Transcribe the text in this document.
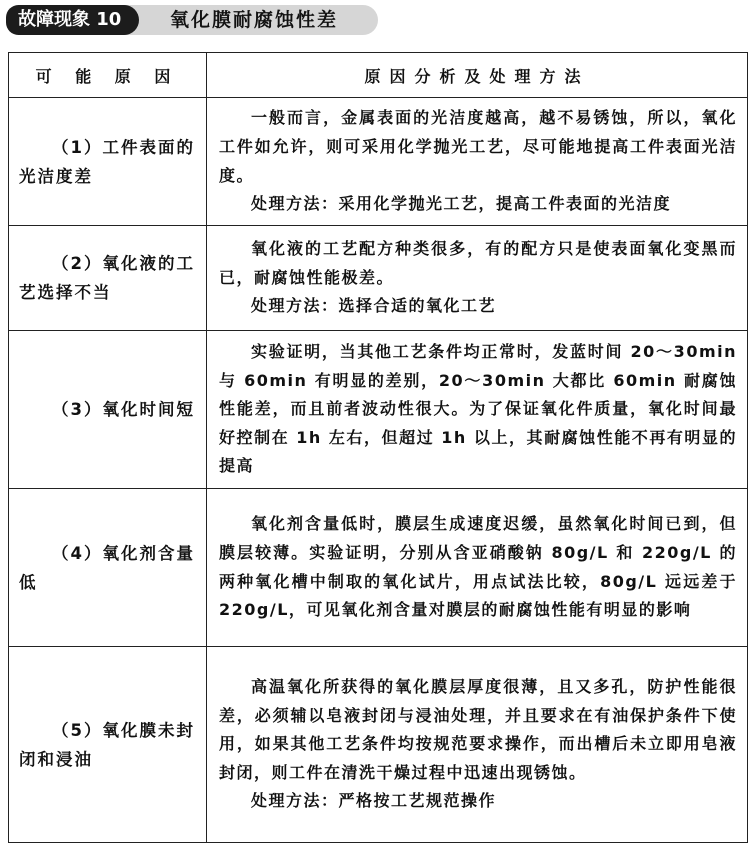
故障现象 10	氧化膜耐腐蚀性差
可 能 原 因	原因分析及处理方法
（1）工件表面的光洁度差	一般而言，金属表面的光洁度越高，越不易锈蚀，所以，氧化工件如允许，则可采用化学抛光工艺，尽可能地提高工件表面光洁度。

处理方法：采用化学抛光工艺，提高工件表面的光洁度

（2）氧化液的工艺选择不当	氧化液的工艺配方种类很多，有的配方只是使表面氧化变黑而已，耐腐蚀性能极差。

处理方法：选择合适的氧化工艺

（3）氧化时间短	实验证明，当其他工艺条件均正常时，发蓝时间 20～30min 与 60min 有明显的差别，20～30min 大都比 60min 耐腐蚀性能差，而且前者波动性很大。为了保证氧化件质量，氧化时间最好控制在 1h 左右，但超过 1h 以上，其耐腐蚀性能不再有明显的提高

（4）氧化剂含量低	氧化剂含量低时，膜层生成速度迟缓，虽然氧化时间已到，但膜层较薄。实验证明，分别从含亚硝酸钠 80g/L 和 220g/L 的两种氧化槽中制取的氧化试片，用点试法比较，80g/L 远远差于 220g/L，可见氧化剂含量对膜层的耐腐蚀性能有明显的影响

（5）氧化膜未封闭和浸油	高温氧化所获得的氧化膜层厚度很薄，且又多孔，防护性能很差，必须辅以皂液封闭与浸油处理，并且要求在有油保护条件下使用，如果其他工艺条件均按规范要求操作，而出槽后未立即用皂液封闭，则工件在清洗干燥过程中迅速出现锈蚀。

处理方法：严格按工艺规范操作
